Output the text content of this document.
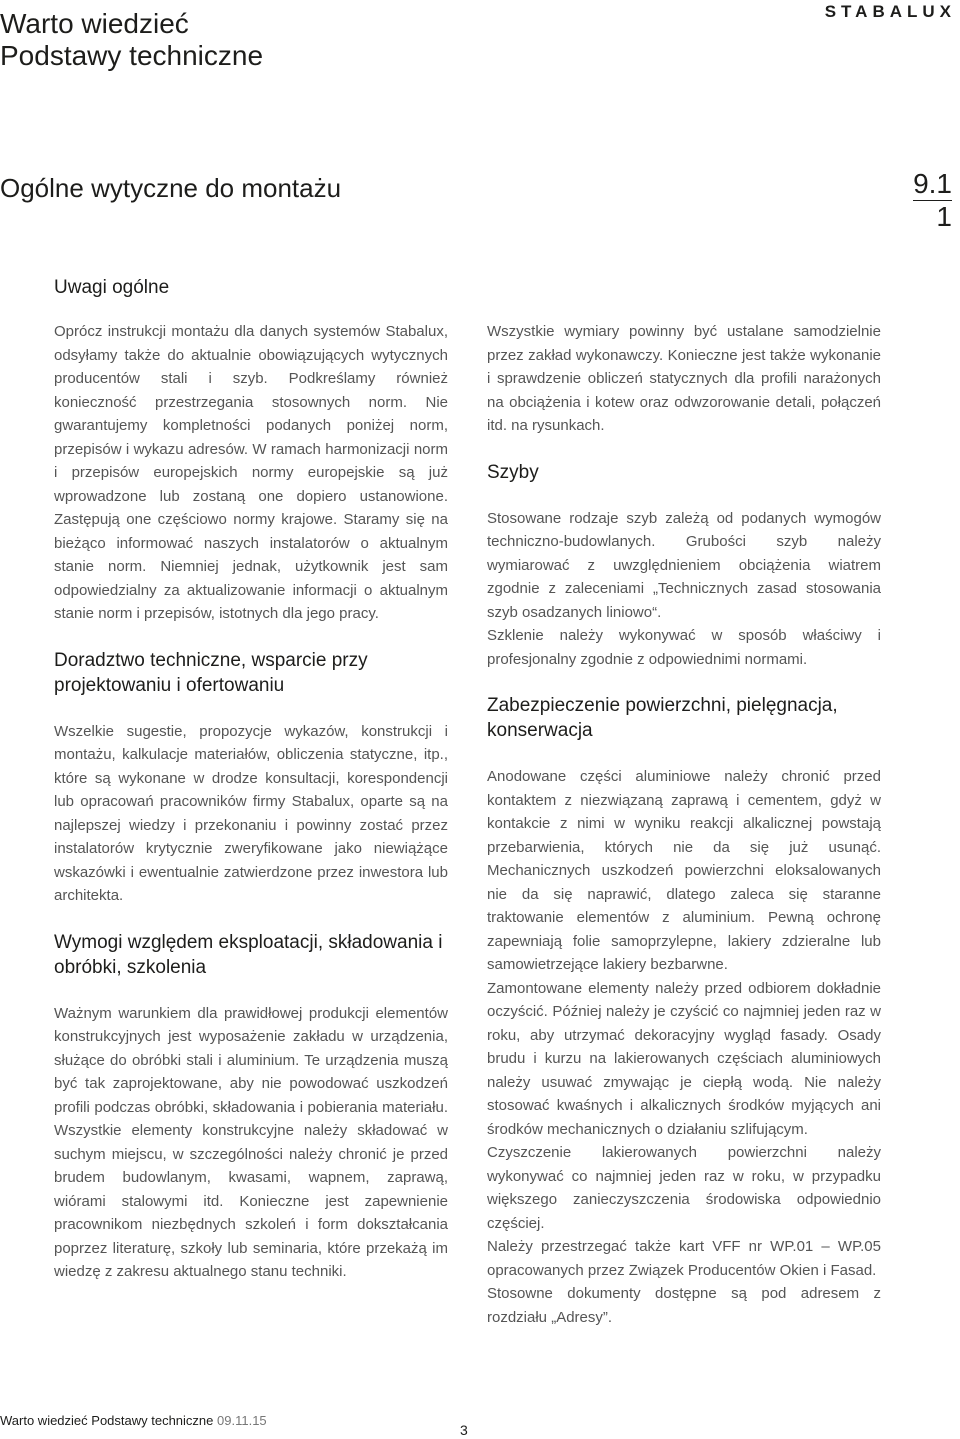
Warto wiedzieć
Podstawy techniczne
STABALUX
Ogólne wytyczne do montażu	9.1
1
Uwagi ogólne

Oprócz instrukcji montażu dla danych systemów Stabalux, odsyłamy także do aktualnie obowiązujących wytycznych producentów stali i szyb. Podkreślamy również konieczność przestrzegania stosownych norm. Nie gwarantujemy kompletności podanych poniżej norm, przepisów i wykazu adresów. W ramach harmonizacji norm i przepisów europejskich normy europejskie są już wprowadzone lub zostaną one dopiero ustanowione. Zastępują one częściowo normy krajowe. Staramy się na bieżąco informować naszych instalatorów o aktualnym stanie norm. Niemniej jednak, użytkownik jest sam odpowiedzialny za aktualizowanie informacji o aktualnym stanie norm i przepisów, istotnych dla jego pracy.

Doradztwo techniczne, wsparcie przy projektowaniu i ofertowaniu

Wszelkie sugestie, propozycje wykazów, konstrukcji i montażu, kalkulacje materiałów, obliczenia statyczne, itp., które są wykonane w drodze konsultacji, korespondencji lub opracowań pracowników firmy Stabalux, oparte są na najlepszej wiedzy i przekonaniu i powinny zostać przez instalatorów krytycznie zweryfikowane jako niewiążące wskazówki i ewentualnie zatwierdzone przez inwestora lub architekta.

Wymogi względem eksploatacji, składowania i obróbki, szkolenia

Ważnym warunkiem dla prawidłowej produkcji elementów konstrukcyjnych jest wyposażenie zakładu w urządzenia, służące do obróbki stali i aluminium. Te urządzenia muszą być tak zaprojektowane, aby nie powodować uszkodzeń profili podczas obróbki, składowania i pobierania materiału. Wszystkie elementy konstrukcyjne należy składować w suchym miejscu, w szczególności należy chronić je przed brudem budowlanym, kwasami, wapnem, zaprawą, wiórami stalowymi itd. Konieczne jest zapewnienie pracownikom niezbędnych szkoleń i form dokształcania poprzez literaturę, szkoły lub seminaria, które przekażą im wiedzę z zakresu aktualnego stanu techniki.

Wszystkie wymiary powinny być ustalane samodzielnie przez zakład wykonawczy. Konieczne jest także wykonanie i sprawdzenie obliczeń statycznych dla profili narażonych na obciążenia i kotew oraz odwzorowanie detali, połączeń itd. na rysunkach.

Szyby

Stosowane rodzaje szyb zależą od podanych wymogów techniczno-budowlanych. Grubości szyb należy wymiarować z uwzględnieniem obciążenia wiatrem zgodnie z zaleceniami „Technicznych zasad stosowania szyb osadzanych liniowo“.

Szklenie należy wykonywać w sposób właściwy i profesjonalny zgodnie z odpowiednimi normami.

Zabezpieczenie powierzchni, pielęgnacja, konserwacja

Anodowane części aluminiowe należy chronić przed kontaktem z niezwiązaną zaprawą i cementem, gdyż w kontakcie z nimi w wyniku reakcji alkalicznej powstają przebarwienia, których nie da się już usunąć. Mechanicznych uszkodzeń powierzchni eloksalowanych nie da się naprawić, dlatego zaleca się staranne traktowanie elementów z aluminium. Pewną ochronę zapewniają folie samoprzylepne, lakiery zdzieralne lub samowietrzejące lakiery bezbarwne.

Zamontowane elementy należy przed odbiorem dokładnie oczyścić. Później należy je czyścić co najmniej jeden raz w roku, aby utrzymać dekoracyjny wygląd fasady. Osady brudu i kurzu na lakierowanych częściach aluminiowych należy usuwać zmywając je ciepłą wodą. Nie należy stosować kwaśnych i alkalicznych środków myjących ani środków mechanicznych o działaniu szlifującym.

Czyszczenie lakierowanych powierzchni należy wykonywać co najmniej jeden raz w roku, w przypadku większego zanieczyszczenia środowiska odpowiednio częściej.

Należy przestrzegać także kart VFF nr WP.01 – WP.05 opracowanych przez Związek Producentów Okien i Fasad.

Stosowne dokumenty dostępne są pod adresem z rozdziału „Adresy”.

Warto wiedzieć Podstawy techniczne 09.11.15
3
